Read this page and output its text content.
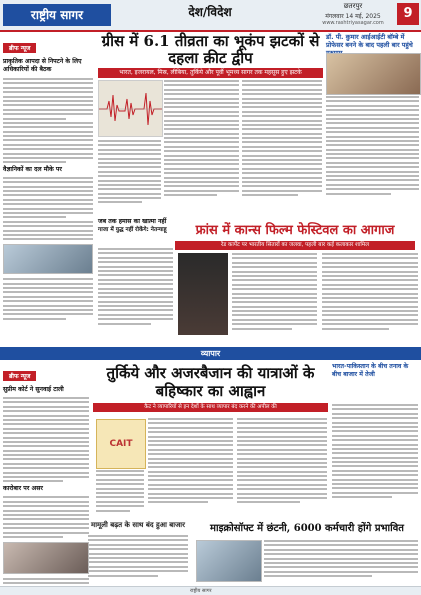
राष्ट्रीय सागर	देश/विदेश	छतरपुर
मंगलवार 14 मई, 2025
www.rashtriyasagar.com
9
ब्रीफ न्यूज
प्राकृतिक आपदा से निपटने के लिए अधिकारियों की बैठक
वैज्ञानिकों का दल मौके पर
ग्रीस में 6.1 तीव्रता का भूकंप झटकों से दहला क्रीट द्वीप
भारत, इजरायल, मिस्र, लीबिया, तुर्किये और पूर्वी भूमध्य सागर तक महसूस हुए झटके
जब तक हमास का खात्मा नहीं
गाजा में युद्ध नहीं रोकेंगे: नेतन्याहू
डॉ. पी. कुमार आईआईटी बॉम्बे में प्रोफेसर बनने के बाद पहली बार पहुंचे
फ्रांस में कान्स फिल्म फेस्टिवल का आगाज
रेड कार्पेट पर भारतीय सितारों का जलवा, पहली बार कई कलाकार शामिल
व्यापार
ब्रीफ न्यूज
सुप्रीम कोर्ट ने सुनवाई टाली
कारोबार पर असर
तुर्किये और अजरबैजान की यात्राओं के बहिष्कार का आह्वान
कैट ने व्यापारियों से इन देशों के साथ व्यापार बंद करने की अपील की
CAIT
भारत-पाकिस्तान के बीच तनाव के बीच बाजार में तेजी
मामूली बढ़त के साथ बंद हुआ बाजार	माइक्रोसॉफ्ट में छंटनी, 6000 कर्मचारी होंगे प्रभावित
राष्ट्रीय सागर
